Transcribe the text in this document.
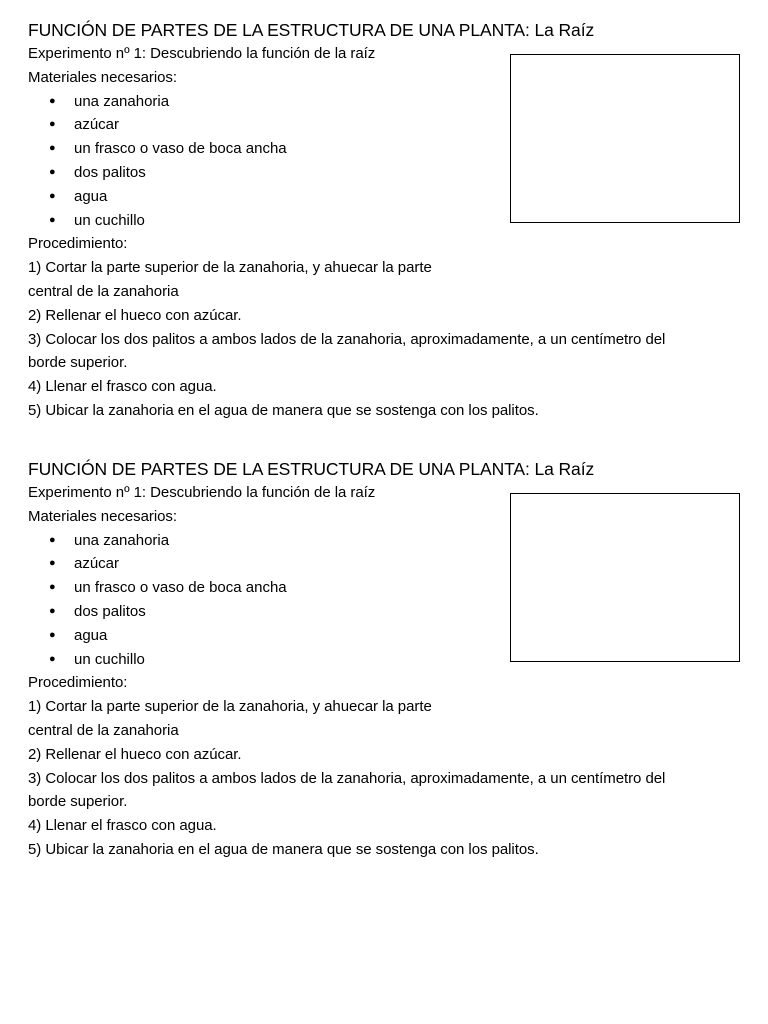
FUNCIÓN DE PARTES DE LA ESTRUCTURA DE UNA PLANTA: La Raíz
Experimento nº 1: Descubriendo la función de la raíz
Materiales necesarios:
● una zanahoria
● azúcar
● un frasco o vaso de boca ancha
● dos palitos
● agua
● un cuchillo
Procedimiento:
1) Cortar la parte superior de la zanahoria, y ahuecar la parte
central de la zanahoria
2) Rellenar el hueco con azúcar.
3) Colocar los dos palitos a ambos lados de la zanahoria, aproximadamente, a un centímetro del
borde superior.
4) Llenar el frasco con agua.
5) Ubicar la zanahoria en el agua de manera que se sostenga con los palitos.
FUNCIÓN DE PARTES DE LA ESTRUCTURA DE UNA PLANTA: La Raíz
Experimento nº 1: Descubriendo la función de la raíz
Materiales necesarios:
● una zanahoria
● azúcar
● un frasco o vaso de boca ancha
● dos palitos
● agua
● un cuchillo
Procedimiento:
1) Cortar la parte superior de la zanahoria, y ahuecar la parte
central de la zanahoria
2) Rellenar el hueco con azúcar.
3) Colocar los dos palitos a ambos lados de la zanahoria, aproximadamente, a un centímetro del
borde superior.
4) Llenar el frasco con agua.
5) Ubicar la zanahoria en el agua de manera que se sostenga con los palitos.
